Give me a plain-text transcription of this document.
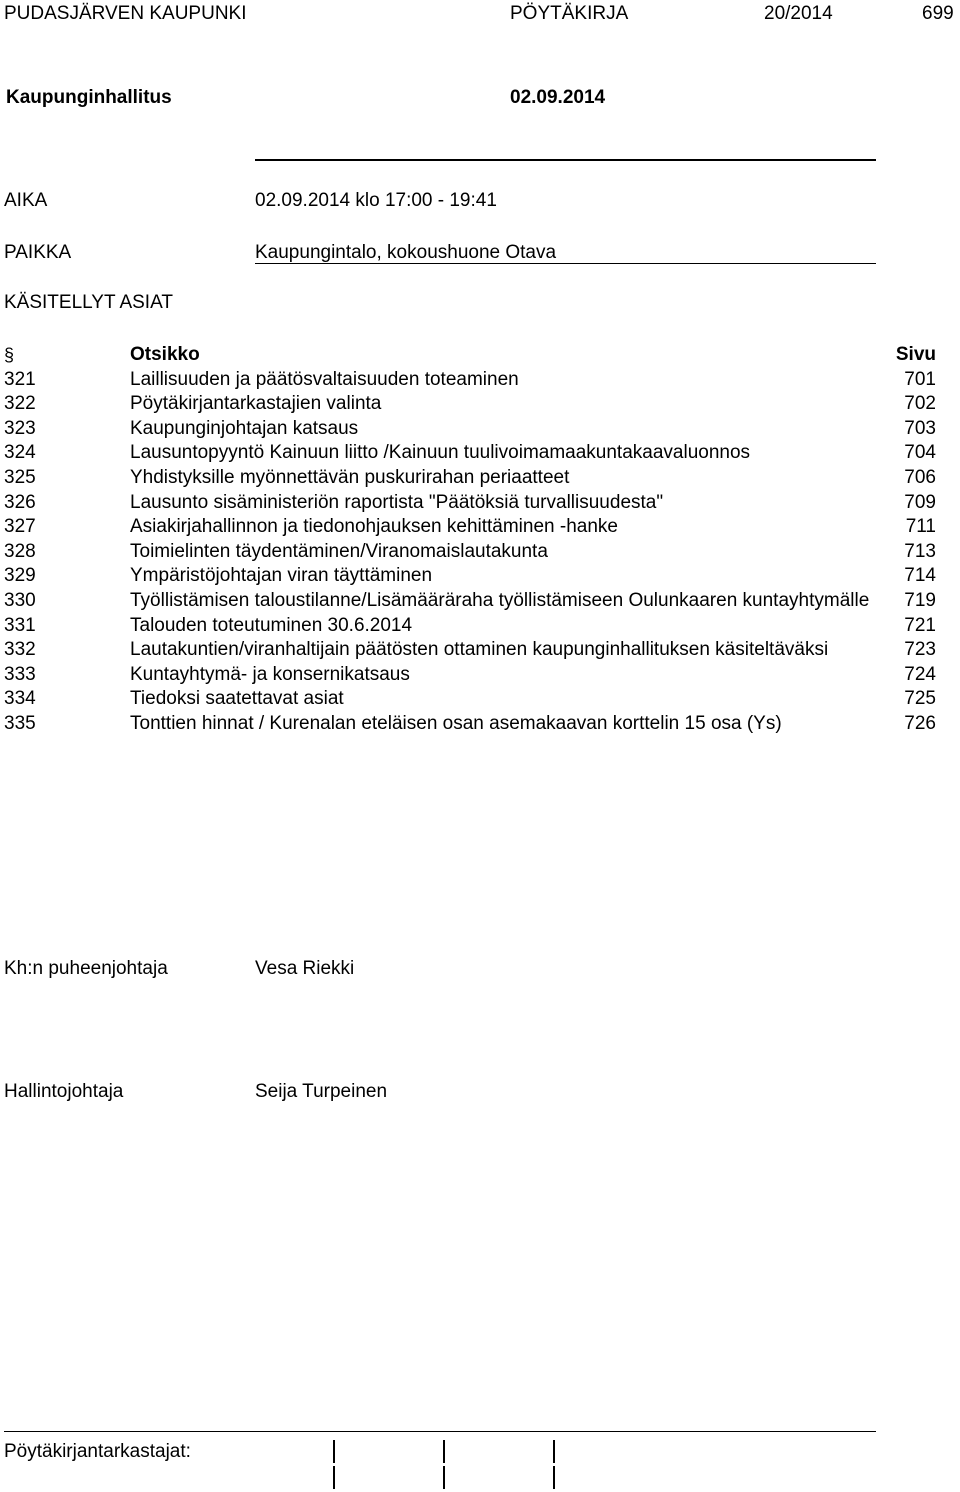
PUDASJÄRVEN KAUPUNKI	PÖYTÄKIRJA	20/2014	699
Kaupunginhallitus	02.09.2014
AIKA	02.09.2014 klo 17:00 - 19:41
PAIKKA	Kaupungintalo, kokoushuone Otava
KÄSITELLYT ASIAT
§	Otsikko	Sivu
321	Laillisuuden ja päätösvaltaisuuden toteaminen	701
322	Pöytäkirjantarkastajien valinta	702
323	Kaupunginjohtajan katsaus	703
324	Lausuntopyyntö Kainuun liitto /Kainuun tuulivoimamaakuntakaavaluonnos	704
325	Yhdistyksille myönnettävän puskurirahan periaatteet	706
326	Lausunto sisäministeriön raportista "Päätöksiä turvallisuudesta"	709
327	Asiakirjahallinnon ja tiedonohjauksen kehittäminen -hanke	711
328	Toimielinten täydentäminen/Viranomaislautakunta	713
329	Ympäristöjohtajan viran täyttäminen	714
330	Työllistämisen taloustilanne/Lisämääräraha työllistämiseen Oulunkaaren kuntayhtymälle	719
331	Talouden toteutuminen 30.6.2014	721
332	Lautakuntien/viranhaltijain päätösten ottaminen kaupunginhallituksen käsiteltäväksi	723
333	Kuntayhtymä- ja konsernikatsaus	724
334	Tiedoksi saatettavat asiat	725
335	Tonttien hinnat / Kurenalan eteläisen osan asemakaavan korttelin 15 osa (Ys)	726
Kh:n puheenjohtaja	Vesa Riekki
Hallintojohtaja	Seija Turpeinen
Pöytäkirjantarkastajat:
